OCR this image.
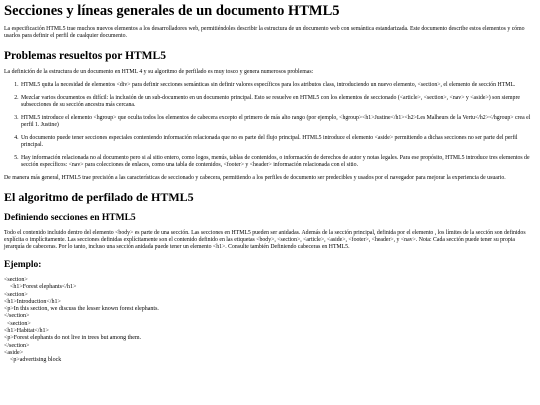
Secciones y líneas generales de un documento HTML5

La especificación HTML5 trae muchos nuevos elementos a los desarrolladores web, permitiéndoles describir la estructura de un documento web con semántica estandarizada. Este documento describe estos elementos y cómo usarlos para definir el perfil de cualquier documento.

Problemas resueltos por HTML5

La definición de la estructura de un documento en HTML 4 y su algoritmo de perfilado es muy tosco y genera numerosos problemas:

1. HTML5 quita la necesidad de elementos <div> para definir secciones semánticas sin definir valores específicos para los atributos class, introduciendo un nuevo elemento, <section>, el elemento de sección HTML.
2. Mezclar varios documentos es difícil: la inclusión de un sub-documento en un documento principal. Esto se resuelve en HTML5 con los elementos de seccionado (<article>, <section>, <nav> y <aside>) son siempre subsecciones de su sección ancestra más cercana.
3. HTML5 introduce el elemento <hgroup> que oculta todos los elementos de cabecera excepto el primero de más alto rango (por ejemplo, <hgroup><h1>Justine</h1><h2>Les Malheurs de la Vertu</h2></hgroup> crea el perfil 1. Justine)
4. Un documento puede tener secciones especiales conteniendo información relacionada que no es parte del flujo principal. HTML5 introduce el elemento <aside> permitiendo a dichas secciones no ser parte del perfil principal.
5. Hay información relacionada no al documento pero si al sitio entero, como logos, menús, tablas de contenidos, o información de derechos de autor y notas legales. Para ese propósito, HTML5 introduce tres elementos de sección específicos: <nav> para colecciones de enlaces, como una tabla de contenidos, <footer> y <header> información relacionada con el sitio.

De manera más general, HTML5 trae precisión a las características de seccionado y cabecera, permitiendo a los perfiles de documento ser predecibles y usados por el navegador para mejorar la experiencia de usuario.

El algoritmo de perfilado de HTML5
Definiendo secciones en HTML5

Todo el contenido incluido dentro del elemento <body> es parte de una sección. Las secciones en HTML5 pueden ser anidadas. Además de la sección principal, definida por el elemento , los límites de la sección son definidos explícita o implícitamente. Las secciones definidas explícitamente son el contenido definido en las etiquetas <body>, <section>, <article>, <aside>, <footer>, <header>, y <nav>. Nota: Cada sección puede tener su propia jerarquía de cabeceras. Por lo tanto, incluso una sección anidada puede tener un elemento <h1>. Consulte también Definiendo cabeceras en HTML5.

Ejemplo:
<section>
<h1>Forest elephants</h1>
<section>
<h1>Introduction</h1>
<p>In this section, we discuss the lesser known forest elephants.
</section>
<section>
<h1>Habitat</h1>
<p>Forest elephants do not live in trees but among them.
</section>
<aside>
<p>advertising block
